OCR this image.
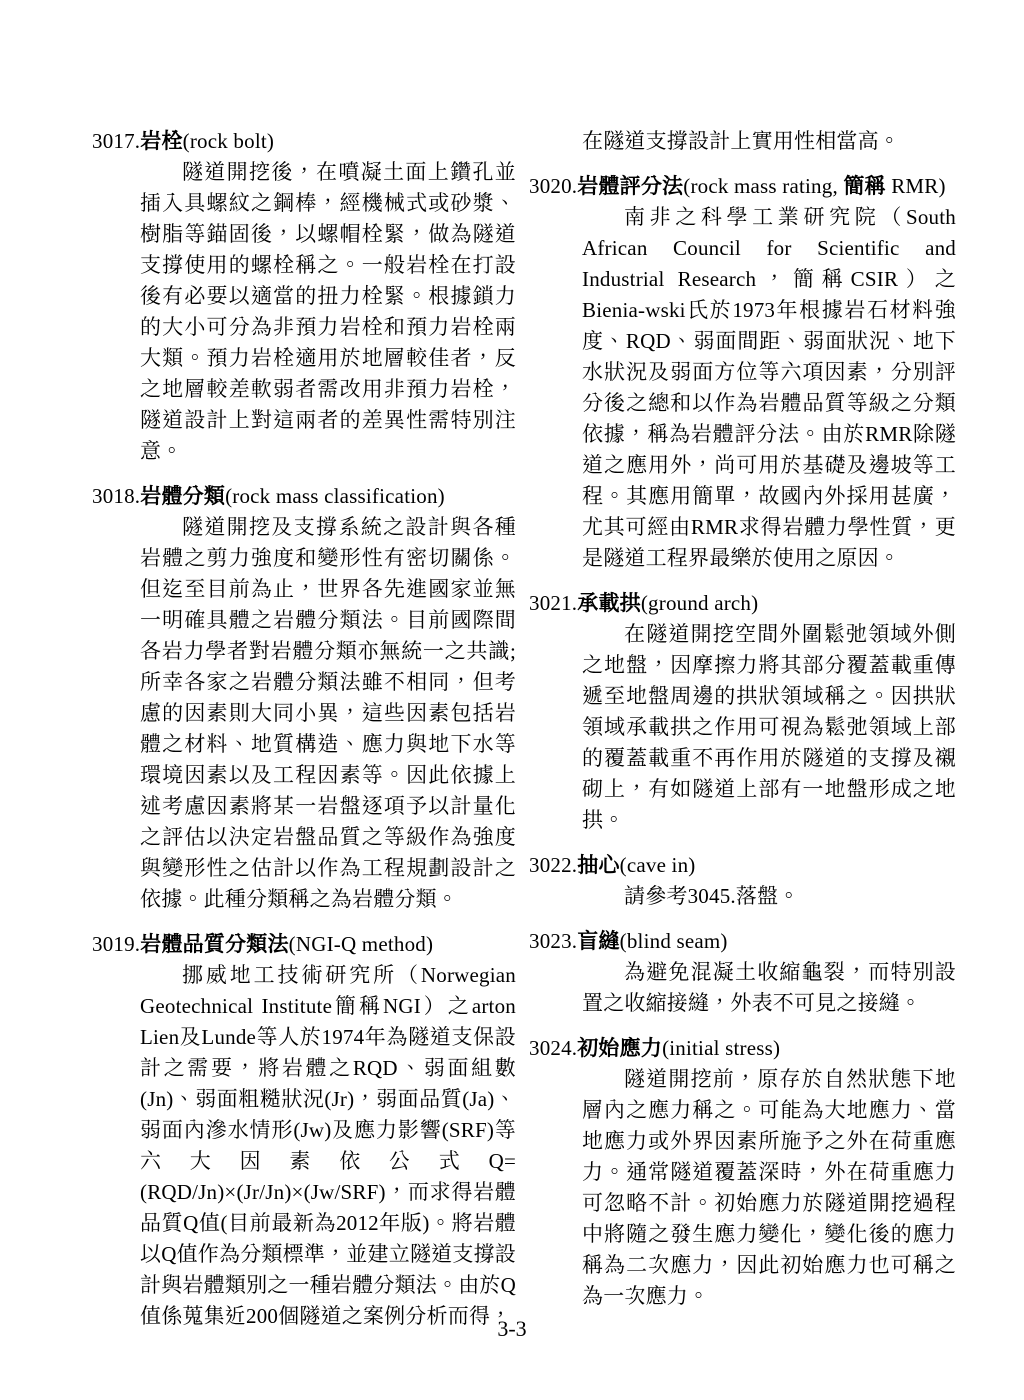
3017.岩栓(rock bolt)

隧道開挖後，在噴凝土面上鑽孔並插入具螺紋之鋼棒，經機械式或砂漿、樹脂等錨固後，以螺帽栓緊，做為隧道支撐使用的螺栓稱之。一般岩栓在打設後有必要以適當的扭力栓緊。根據鎖力的大小可分為非預力岩栓和預力岩栓兩大類。預力岩栓適用於地層較佳者，反之地層較差軟弱者需改用非預力岩栓，隧道設計上對這兩者的差異性需特別注意。

3018.岩體分類(rock mass classification)

隧道開挖及支撐系統之設計與各種岩體之剪力強度和變形性有密切關係。但迄至目前為止，世界各先進國家並無一明確具體之岩體分類法。目前國際間各岩力學者對岩體分類亦無統一之共識;所幸各家之岩體分類法雖不相同，但考慮的因素則大同小異，這些因素包括岩體之材料、地質構造、應力與地下水等環境因素以及工程因素等。因此依據上述考慮因素將某一岩盤逐項予以計量化之評估以決定岩盤品質之等級作為強度與變形性之估計以作為工程規劃設計之依據。此種分類稱之為岩體分類。

3019.岩體品質分類法(NGI-Q method)

挪威地工技術研究所（Norwegian Geotechnical Institute簡稱NGI）之arton Lien及Lunde等人於1974年為隧道支保設計之需要，將岩體之RQD、弱面組數(Jn)、弱面粗糙狀況(Jr)，弱面品質(Ja)、弱面內滲水情形(Jw)及應力影響(SRF)等六大因素依公式Q=(RQD/Jn)×(Jr/Jn)×(Jw/SRF)，而求得岩體品質Q值(目前最新為2012年版)。將岩體以Q值作為分類標準，並建立隧道支撐設計與岩體類別之一種岩體分類法。由於Q值係蒐集近200個隧道之案例分析而得，

在隧道支撐設計上實用性相當高。

3020.岩體評分法(rock mass rating, 簡稱 RMR)

南非之科學工業研究院（South African Council for Scientific and Industrial Research，簡稱CSIR）之Bienia-wski氏於1973年根據岩石材料強度、RQD、弱面間距、弱面狀況、地下水狀況及弱面方位等六項因素，分別評分後之總和以作為岩體品質等級之分類依據，稱為岩體評分法。由於RMR除隧道之應用外，尚可用於基礎及邊坡等工程。其應用簡單，故國內外採用甚廣，尤其可經由RMR求得岩體力學性質，更是隧道工程界最樂於使用之原因。

3021.承載拱(ground arch)

在隧道開挖空間外圍鬆弛領域外側之地盤，因摩擦力將其部分覆蓋載重傳遞至地盤周邊的拱狀領域稱之。因拱狀領域承載拱之作用可視為鬆弛領域上部的覆蓋載重不再作用於隧道的支撐及襯砌上，有如隧道上部有一地盤形成之地拱。

3022.抽心(cave in)

請參考3045.落盤。

3023.盲縫(blind seam)

為避免混凝土收縮龜裂，而特別設置之收縮接縫，外表不可見之接縫。

3024.初始應力(initial stress)

隧道開挖前，原存於自然狀態下地層內之應力稱之。可能為大地應力、當地應力或外界因素所施予之外在荷重應力。通常隧道覆蓋深時，外在荷重應力可忽略不計。初始應力於隧道開挖過程中將隨之發生應力變化，變化後的應力稱為二次應力，因此初始應力也可稱之為一次應力。

3-3
